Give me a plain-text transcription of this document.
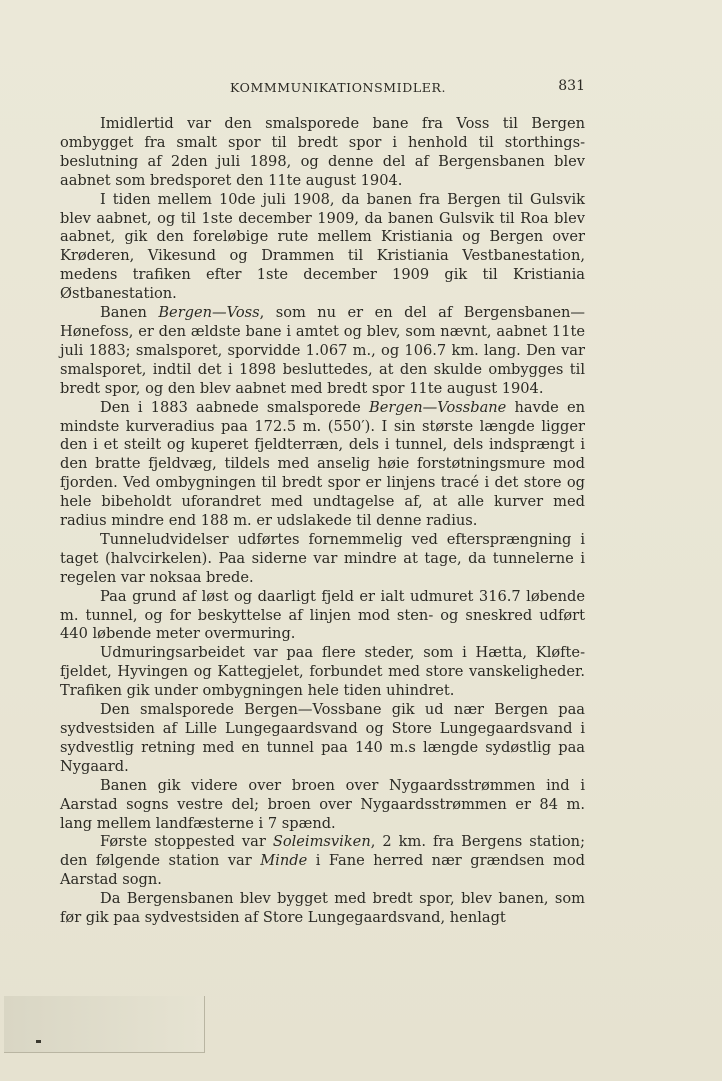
KOMMMUNIKATIONSMIDLER.	831

Imidlertid var den smalsporede bane fra Voss til Bergen ombygget fra smalt spor til bredt spor i henhold til storthingsbeslutning af 2den juli 1898, og denne del af Bergensbanen blev aabnet som bredsporet den 11te august 1904.

I tiden mellem 10de juli 1908, da banen fra Bergen til Gulsvik blev aabnet, og til 1ste december 1909, da banen Gulsvik til Roa blev aabnet, gik den foreløbige rute mellem Kristiania og Bergen over Krøderen, Vikesund og Drammen til Kristiania Vestbanestation, medens trafiken efter 1ste december 1909 gik til Kristiania Østbanestation.

Banen Bergen—Voss, som nu er en del af Bergensbanen—Hønefoss, er den ældste bane i amtet og blev, som nævnt, aabnet 11te juli 1883; smalsporet, sporvidde 1.067 m., og 106.7 km. lang. Den var smalsporet, indtil det i 1898 besluttedes, at den skulde ombygges til bredt spor, og den blev aabnet med bredt spor 11te august 1904.

Den i 1883 aabnede smalsporede Bergen—Vossbane havde en mindste kurveradius paa 172.5 m. (550′). I sin største længde ligger den i et steilt og kuperet fjeldterræn, dels i tunnel, dels indsprængt i den bratte fjeldvæg, tildels med anselig høie forstøtningsmure mod fjorden. Ved ombygningen til bredt spor er linjens tracé i det store og hele bibeholdt uforandret med undtagelse af, at alle kurver med radius mindre end 188 m. er udslakede til denne radius.

Tunneludvidelser udførtes fornemmelig ved eftersprængning i taget (halvcirkelen). Paa siderne var mindre at tage, da tunnelerne i regelen var noksaa brede.

Paa grund af løst og daarligt fjeld er ialt udmuret 316.7 løbende m. tunnel, og for beskyttelse af linjen mod sten- og sneskred udført 440 løbende meter overmuring.

Udmuringsarbeidet var paa flere steder, som i Hætta, Kløftefjeldet, Hyvingen og Kattegjelet, forbundet med store vanskeligheder. Trafiken gik under ombygningen hele tiden uhindret.

Den smalsporede Bergen—Vossbane gik ud nær Bergen paa sydvestsiden af Lille Lungegaardsvand og Store Lungegaardsvand i sydvestlig retning med en tunnel paa 140 m.s længde sydøstlig paa Nygaard.

Banen gik videre over broen over Nygaardsstrømmen ind i Aarstad sogns vestre del; broen over Nygaardsstrømmen er 84 m. lang mellem landfæsterne i 7 spænd.

Første stoppested var Soleimsviken, 2 km. fra Bergens station; den følgende station var Minde i Fane herred nær grændsen mod Aarstad sogn.

Da Bergensbanen blev bygget med bredt spor, blev banen, som før gik paa sydvestsiden af Store Lungegaardsvand, henlagt
